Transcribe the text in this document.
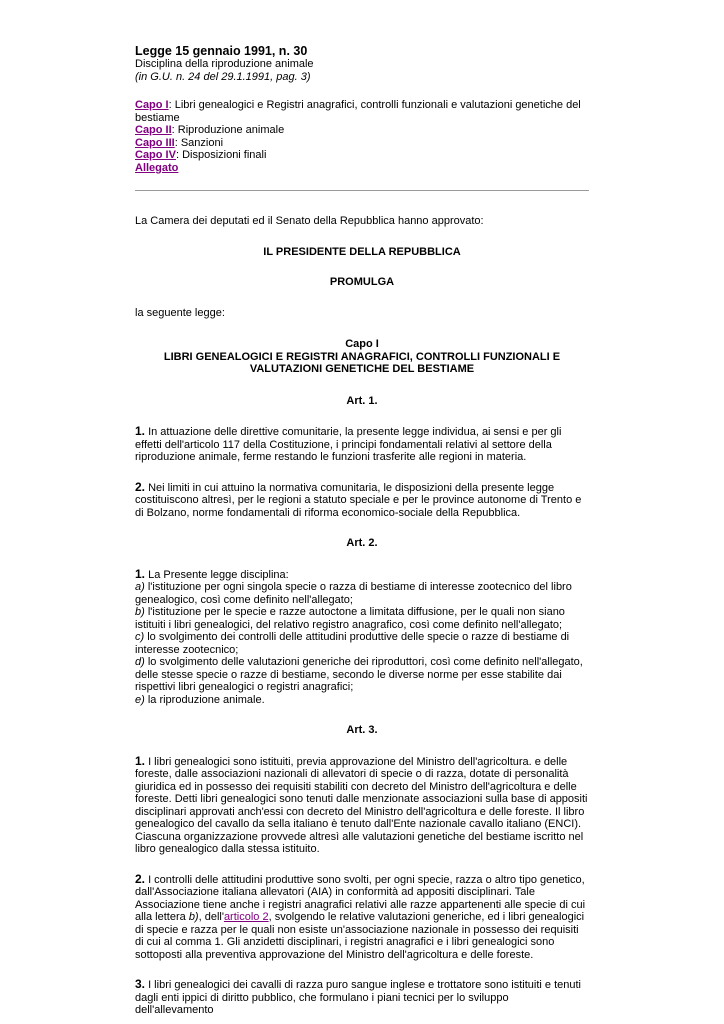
Legge 15 gennaio 1991, n. 30

Disciplina della riproduzione animale

(in G.U. n. 24 del 29.1.1991, pag. 3)

Capo I: Libri genealogici e Registri anagrafici, controlli funzionali e valutazioni genetiche del bestiame
Capo II: Riproduzione animale
Capo III: Sanzioni
Capo IV: Disposizioni finali
Allegato

La Camera dei deputati ed il Senato della Repubblica hanno approvato:

IL PRESIDENTE DELLA REPUBBLICA

PROMULGA

la seguente legge:

Capo I

LIBRI GENEALOGICI E REGISTRI ANAGRAFICI, CONTROLLI FUNZIONALI E VALUTAZIONI GENETICHE DEL BESTIAME

Art. 1.

1. In attuazione delle direttive comunitarie, la presente legge individua, ai sensi e per gli effetti dell'articolo 117 della Costituzione, i principi fondamentali relativi al settore della riproduzione animale, ferme restando le funzioni trasferite alle regioni in materia.

2. Nei limiti in cui attuino la normativa comunitaria, le disposizioni della presente legge costituiscono altresì, per le regioni a statuto speciale e per le province autonome di Trento e di Bolzano, norme fondamentali di riforma economico-sociale della Repubblica.

Art. 2.

1. La Presente legge disciplina:

a) l'istituzione per ogni singola specie o razza di bestiame di interesse zootecnico del libro genealogico, così come definito nell'allegato;

b) l'istituzione per le specie e razze autoctone a limitata diffusione, per le quali non siano istituiti i libri genealogici, del relativo registro anagrafico, così come definito nell'allegato;

c) lo svolgimento dei controlli delle attitudini produttive delle specie o razze di bestiame di interesse zootecnico;

d) lo svolgimento delle valutazioni generiche dei riproduttori, così come definito nell'allegato, delle stesse specie o razze di bestiame, secondo le diverse norme per esse stabilite dai rispettivi libri genealogici o registri anagrafici;

e) la riproduzione animale.

Art. 3.

1. I libri genealogici sono istituiti, previa approvazione del Ministro dell'agricoltura. e delle foreste, dalle associazioni nazionali di allevatori di specie o di razza, dotate di personalità giuridica ed in possesso dei requisiti stabiliti con decreto del Ministro dell'agricoltura e delle foreste. Detti libri genealogici sono tenuti dalle menzionate associazioni sulla base di appositi disciplinari approvati anch'essi con decreto del Ministro dell'agricoltura e delle foreste. Il libro genealogico del cavallo da sella italiano è tenuto dall'Ente nazionale cavallo italiano (ENCI). Ciascuna organizzazione provvede altresì alle valutazioni genetiche del bestiame iscritto nel libro genealogico dalla stessa istituito.

2. I controlli delle attitudini produttive sono svolti, per ogni specie, razza o altro tipo genetico, dall'Associazione italiana allevatori (AIA) in conformità ad appositi disciplinari. Tale Associazione tiene anche i registri anagrafici relativi alle razze appartenenti alle specie di cui alla lettera b), dell'articolo 2, svolgendo le relative valutazioni generiche, ed i libri genealogici di specie e razza per le quali non esiste un'associazione nazionale in possesso dei requisiti di cui al comma 1. Gli anzidetti disciplinari, i registri anagrafici e i libri genealogici sono sottoposti alla preventiva approvazione del Ministro dell'agricoltura e delle foreste.

3. I libri genealogici dei cavalli di razza puro sangue inglese e trottatore sono istituiti e tenuti dagli enti ippici di diritto pubblico, che formulano i piani tecnici per lo sviluppo dell'allevamento
